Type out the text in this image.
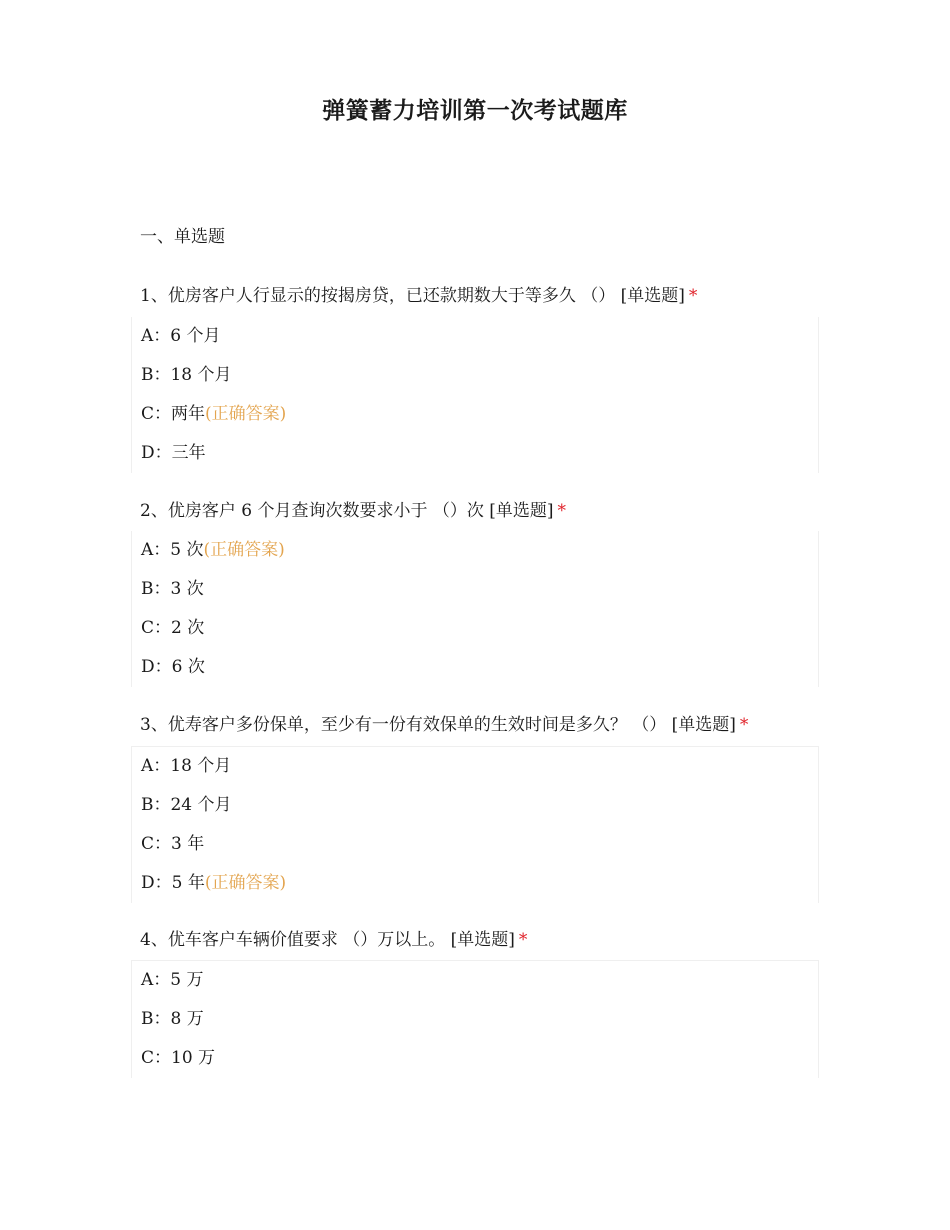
弹簧蓄力培训第一次考试题库
一、单选题
1、优房客户人行显示的按揭房贷，已还款期数大于等多久 （） [单选题] *
A：6 个月
B：18 个月
C：两年(正确答案)
D：三年
2、优房客户 6 个月查询次数要求小于 （）次 [单选题] *
A：5 次(正确答案)
B：3 次
C：2 次
D：6 次
3、优寿客户多份保单，至少有一份有效保单的生效时间是多久？ （） [单选题] *
A：18 个月
B：24 个月
C：3 年
D：5 年(正确答案)
4、优车客户车辆价值要求 （）万以上。 [单选题] *
A：5 万
B：8 万
C：10 万
